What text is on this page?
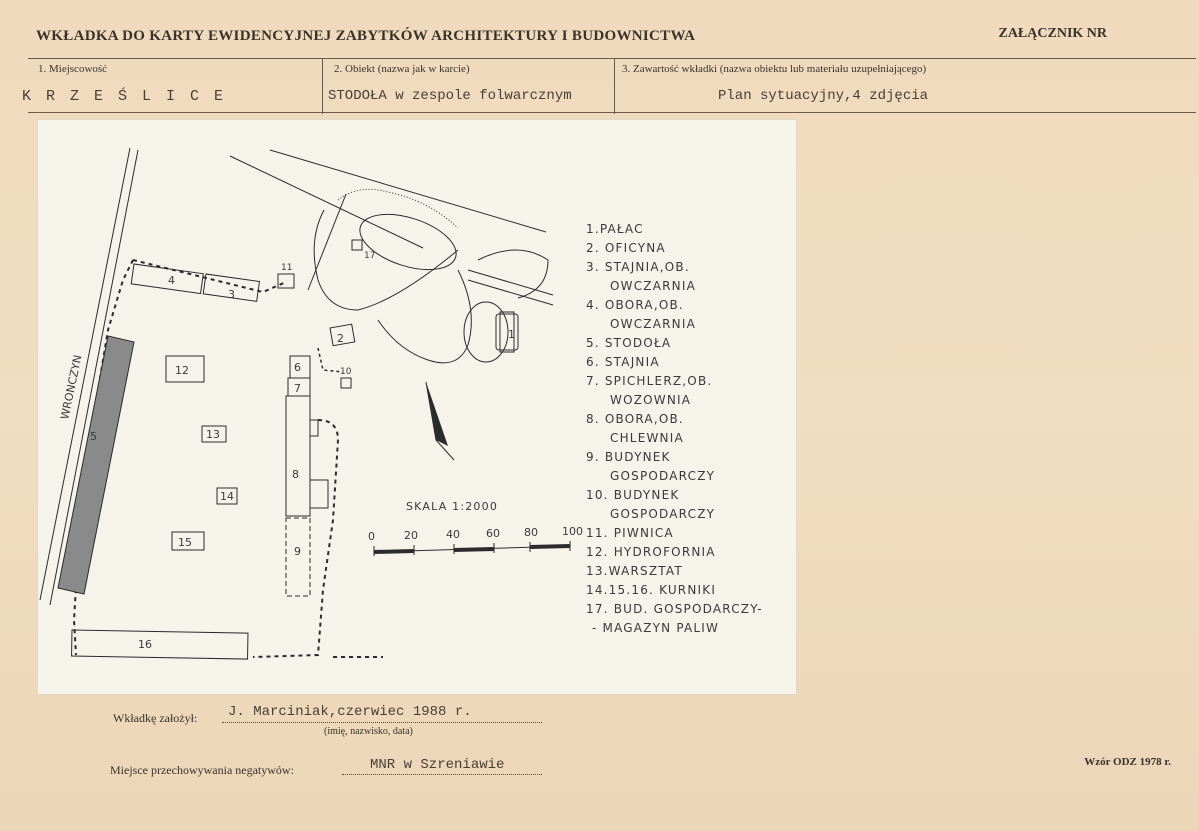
WKŁADKA DO KARTY EWIDENCYJNEJ ZABYTKÓW ARCHITEKTURY I BUDOWNICTWA	ZAŁĄCZNIK NR
1. Miejscowość	2. Obiekt (nazwa jak w karcie)	3. Zawartość wkładki (nazwa obiektu lub materiału uzupełniającego)
K R Z E Ś L I C E	STODOŁA w zespole folwarcznym	Plan sytuacyjny,4 zdjęcia
WRONCZYN
SKALA 1:2000
0	20	40 60 80 100
1
2
3
4
5
6
7
8
9
10
11
12
13
14
15
16
17
1.PAŁAC
2. OFICYNA
3. STAJNIA,OB.
OWCZARNIA
4. OBORA,OB.
OWCZARNIA
5. STODOŁA
6. STAJNIA
7. SPICHLERZ,OB.
WOZOWNIA
8. OBORA,OB.
CHLEWNIA
9. BUDYNEK
GOSPODARCZY
10. BUDYNEK
GOSPODARCZY
11. PIWNICA
12. HYDROFORNIA
13.WARSZTAT
14.15.16. KURNIKI
17. BUD. GOSPODARCZY-
- MAGAZYN PALIW
Wkładkę założył: J. Marciniak,czerwiec 1988 r.
(imię, nazwisko, data)
Miejsce przechowywania negatywów:	MNR w Szreniawie	Wzór ODZ 1978 r.
